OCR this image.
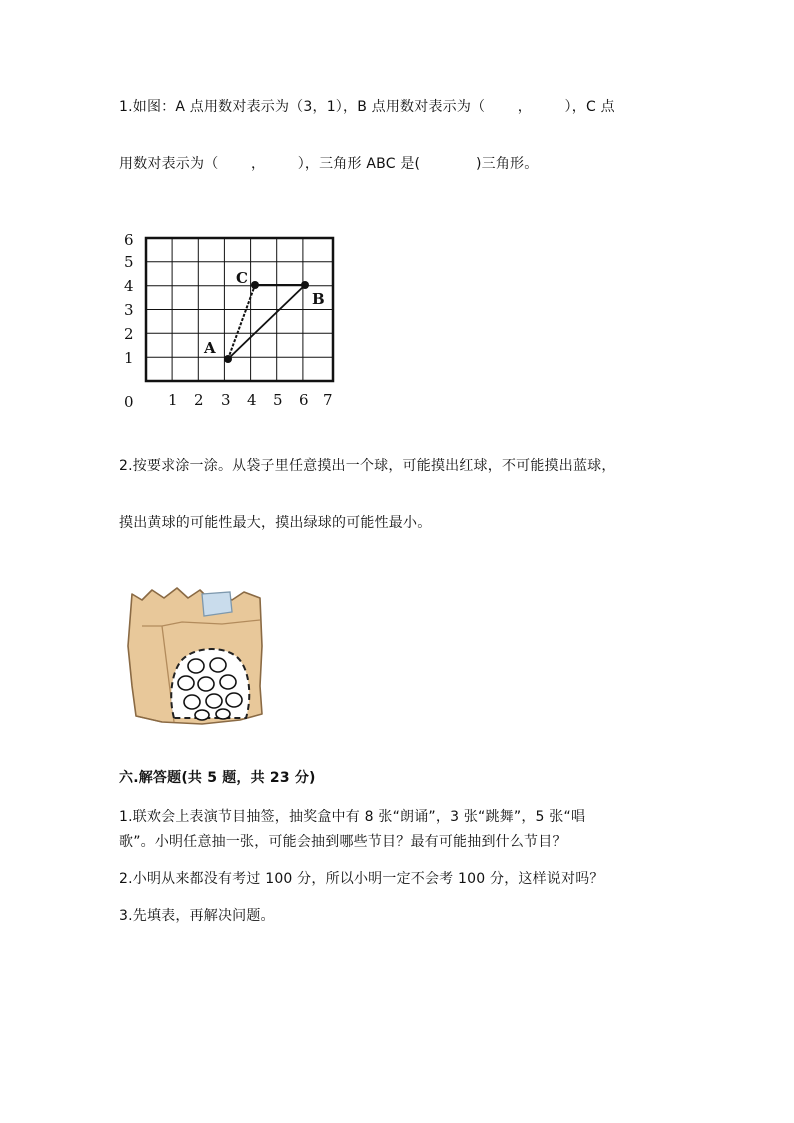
1.如图：A 点用数对表示为（3，1），B 点用数对表示为（       ，       ），C 点
用数对表示为（       ，       ），三角形 ABC 是(            )三角形。
A
C
B
6
5
4
3
2
1
0 1 2 3 4 5 6 7
2.按要求涂一涂。从袋子里任意摸出一个球，可能摸出红球，不可能摸出蓝球，
摸出黄球的可能性最大，摸出绿球的可能性最小。
六.解答题(共 5 题，共 23 分)
1.联欢会上表演节目抽签，抽奖盒中有 8 张“朗诵”，3 张“跳舞”，5 张“唱
歌”。小明任意抽一张，可能会抽到哪些节目？最有可能抽到什么节目？
2.小明从来都没有考过 100 分，所以小明一定不会考 100 分，这样说对吗？
3.先填表，再解决问题。
